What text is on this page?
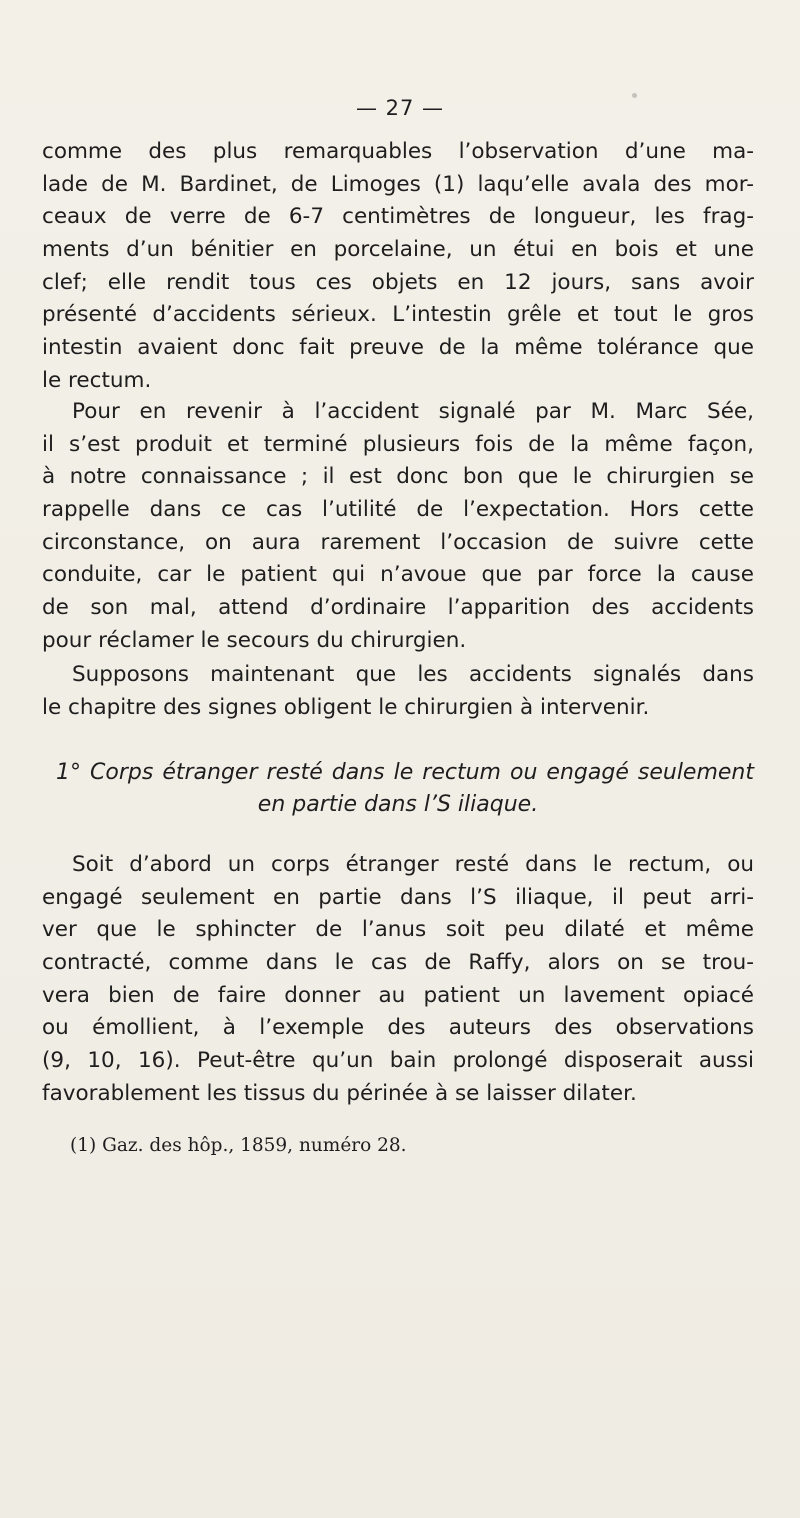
— 27 —
comme des plus remarquables l’observation d’une ma-
lade de M. Bardinet, de Limoges (1) laqu’elle avala des mor-
ceaux de verre de 6-7 centimètres de longueur, les frag-
ments d’un bénitier en porcelaine, un étui en bois et une
clef; elle rendit tous ces objets en 12 jours, sans avoir
présenté d’accidents sérieux. L’intestin grêle et tout le gros
intestin avaient donc fait preuve de la même tolérance que
le rectum.
Pour en revenir à l’accident signalé par M. Marc Sée,
il s’est produit et terminé plusieurs fois de la même façon,
à notre connaissance ; il est donc bon que le chirurgien se
rappelle dans ce cas l’utilité de l’expectation. Hors cette
circonstance, on aura rarement l’occasion de suivre cette
conduite, car le patient qui n’avoue que par force la cause
de son mal, attend d’ordinaire l’apparition des accidents
pour réclamer le secours du chirurgien.
Supposons maintenant que les accidents signalés dans
le chapitre des signes obligent le chirurgien à intervenir.
1° Corps étranger resté dans le rectum ou engagé seulement
en partie dans l’S iliaque.
Soit d’abord un corps étranger resté dans le rectum, ou
engagé seulement en partie dans l’S iliaque, il peut arri-
ver que le sphincter de l’anus soit peu dilaté et même
contracté, comme dans le cas de Raffy, alors on se trou-
vera bien de faire donner au patient un lavement opiacé
ou émollient, à l’exemple des auteurs des observations
(9, 10, 16). Peut-être qu’un bain prolongé disposerait aussi
favorablement les tissus du périnée à se laisser dilater.
(1) Gaz. des hôp., 1859, numéro 28.
